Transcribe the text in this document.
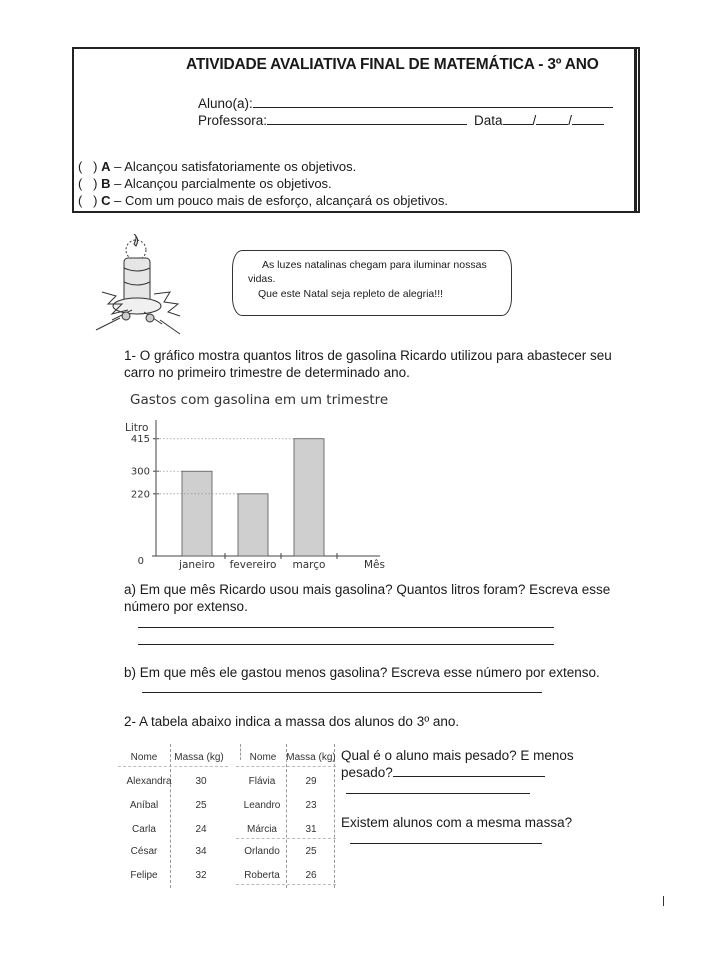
ATIVIDADE AVALIATIVA FINAL DE MATEMÁTICA - 3º ANO
Aluno(a):
Professora:	Data / /
(   ) A – Alcançou satisfatoriamente os objetivos.
(   ) B – Alcançou parcialmente os objetivos.
(   ) C – Com um pouco mais de esforço, alcançará os objetivos.
As luzes natalinas chegam para iluminar nossas
vidas.
Que este Natal seja repleto de alegria!!!
1- O gráfico mostra quantos litros de gasolina Ricardo utilizou para abastecer seu
carro no primeiro trimestre de determinado ano.
Gastos com gasolina em um trimestre
Litro
Mês
0
220
300
415
janeiro fevereiro março
a) Em que mês Ricardo usou mais gasolina? Quantos litros foram? Escreva esse
número por extenso.
b) Em que mês ele gastou menos gasolina? Escreva esse número por extenso.
2- A tabela abaixo indica a massa dos alunos do 3º ano.
Nome	Massa (kg)
Alexandra	30
Aníbal	25
Carla	24
César	34
Felipe	32
Nome Massa (kg)
Flávia	29
Leandro	23
Márcia	31
Orlando	25
Roberta	26
Qual é o aluno mais pesado? E menos
pesado?
Existem alunos com a mesma massa?
